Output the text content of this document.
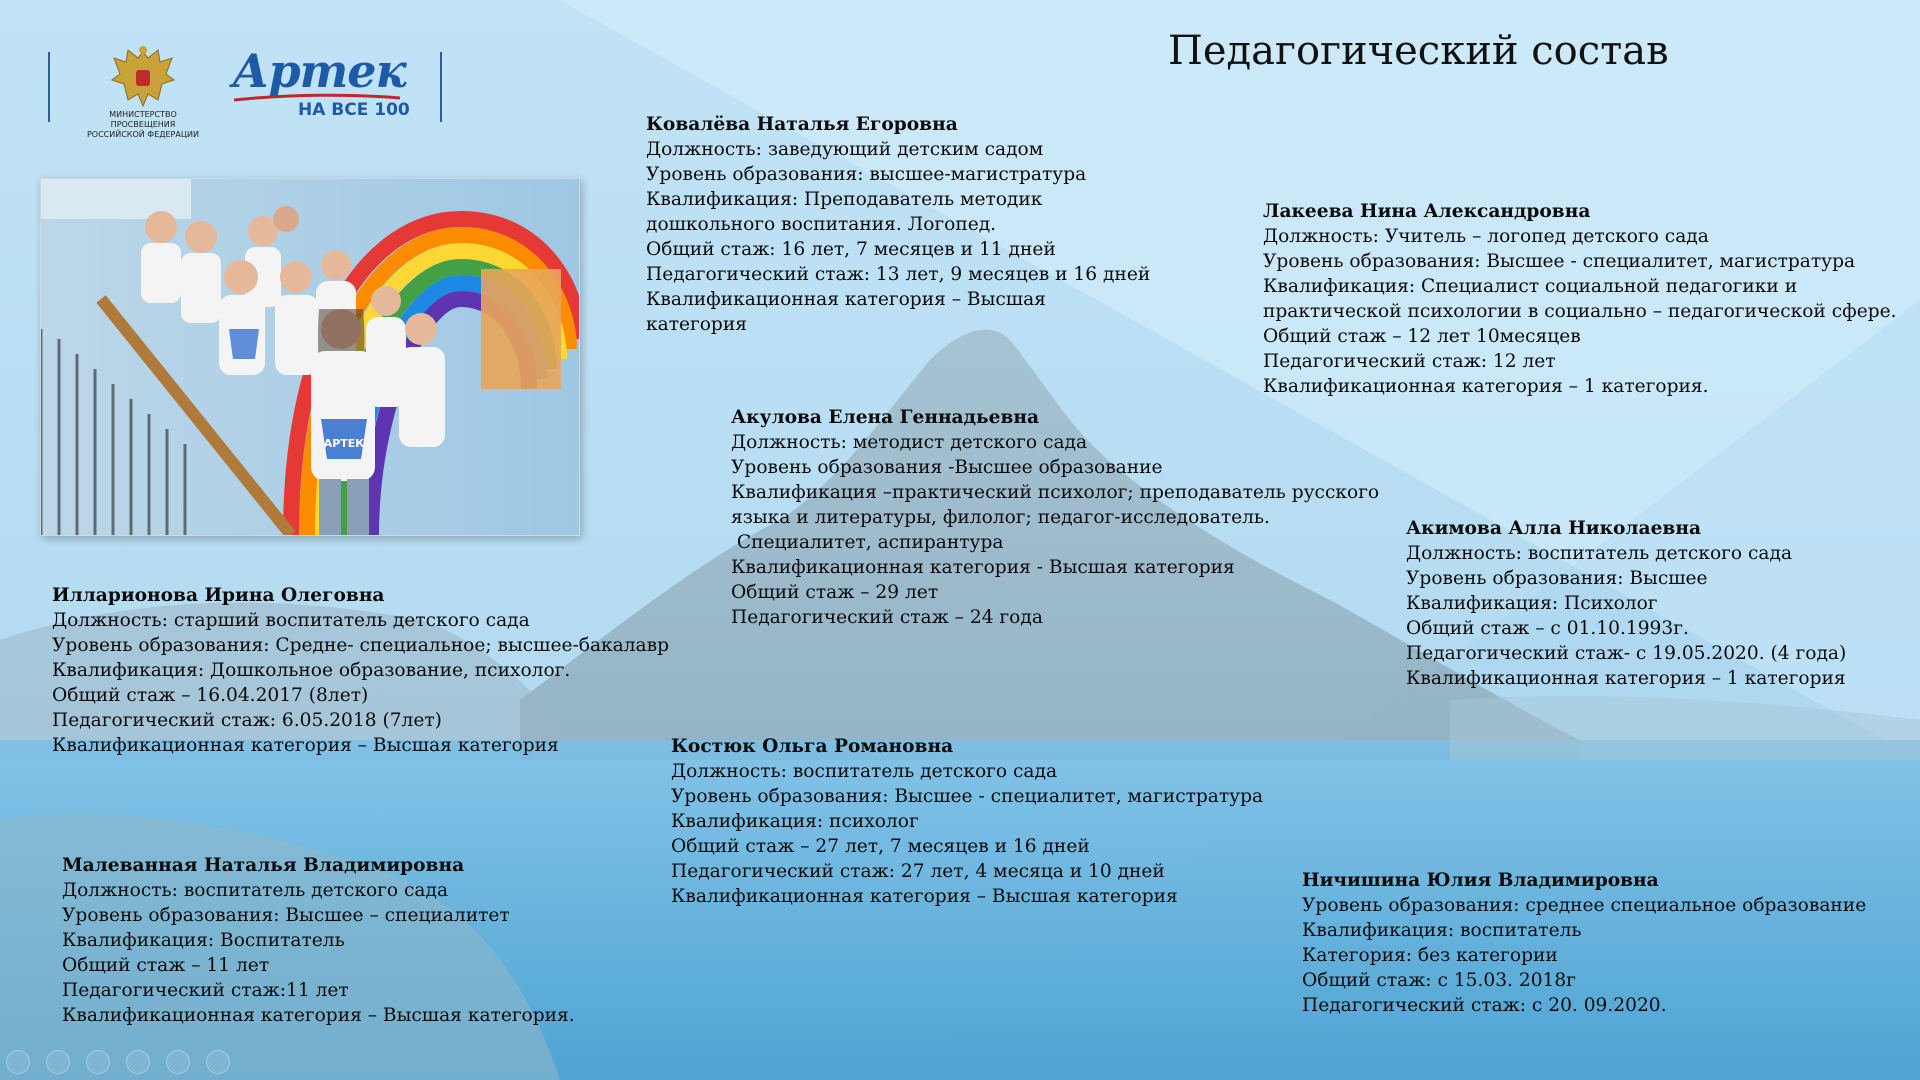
МИНИСТЕРСТВО ПРОСВЕЩЕНИЯ
РОССИЙСКОЙ ФЕДЕРАЦИИ
Артек
НА ВСЕ 100
Педагогический состав
АРТЕК
Ковалёва Наталья Егоровна
Должность: заведующий детским садом
Уровень образования: высшее-магистратура
Квалификация: Преподаватель методик
дошкольного воспитания. Логопед.
Общий стаж: 16 лет, 7 месяцев и 11 дней
Педагогический стаж: 13 лет, 9 месяцев и 16 дней
Квалификационная категория – Высшая
категория
Лакеева Нина Александровна
Должность: Учитель – логопед детского сада
Уровень образования: Высшее - специалитет, магистратура
Квалификация: Специалист социальной педагогики и
практической психологии в социально – педагогической сфере.
Общий стаж – 12 лет 10месяцев
Педагогический стаж: 12 лет
Квалификационная категория – 1 категория.
Акулова Елена Геннадьевна
Должность: методист детского сада
Уровень образования -Высшее образование
Квалификация –практический психолог; преподаватель русского
языка и литературы, филолог; педагог-исследователь.
Специалитет, аспирантура
Квалификационная категория - Высшая категория
Общий стаж – 29 лет
Педагогический стаж – 24 года
Акимова Алла Николаевна
Должность: воспитатель детского сада
Уровень образования: Высшее
Квалификация: Психолог
Общий стаж – с 01.10.1993г.
Педагогический стаж- с 19.05.2020. (4 года)
Квалификационная категория – 1 категория
Илларионова Ирина Олеговна
Должность: старший воспитатель детского сада
Уровень образования: Средне- специальное; высшее-бакалавр
Квалификация: Дошкольное образование, психолог.
Общий стаж – 16.04.2017 (8лет)
Педагогический стаж: 6.05.2018 (7лет)
Квалификационная категория – Высшая категория	Костюк Ольга Романовна
Должность: воспитатель детского сада
Уровень образования: Высшее - специалитет, магистратура
Квалификация: психолог
Общий стаж – 27 лет, 7 месяцев и 16 дней
Педагогический стаж: 27 лет, 4 месяца и 10 дней
Квалификационная категория – Высшая категория
Малеванная Наталья Владимировна
Должность: воспитатель детского сада
Уровень образования: Высшее – специалитет
Квалификация: Воспитатель
Общий стаж – 11 лет
Педагогический стаж:11 лет
Квалификационная категория – Высшая категория.
Ничишина Юлия Владимировна
Уровень образования: среднее специальное образование
Квалификация: воспитатель
Категория: без категории
Общий стаж: с 15.03. 2018г
Педагогический стаж: с 20. 09.2020.
